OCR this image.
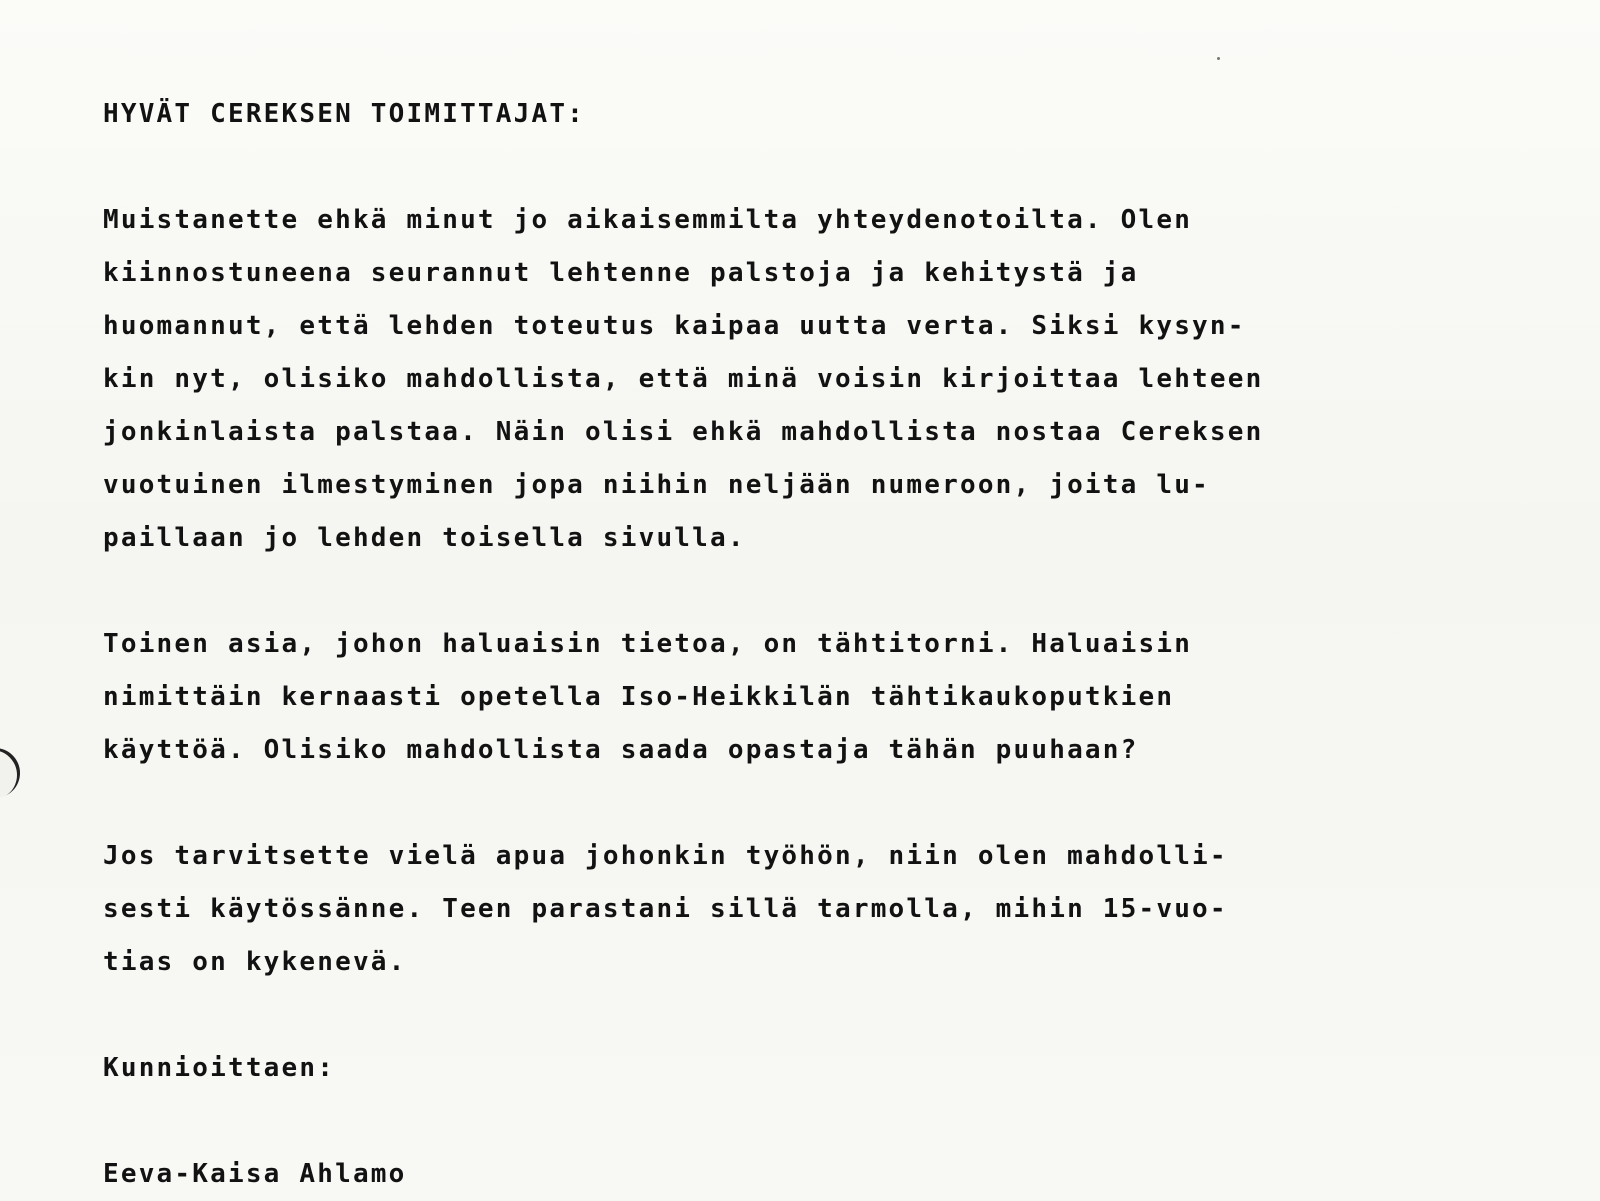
HYVÄT CEREKSEN TOIMITTAJAT:
Muistanette ehkä minut jo aikaisemmilta yhteydenotoilta. Olen
kiinnostuneena seurannut lehtenne palstoja ja kehitystä ja
huomannut, että lehden toteutus kaipaa uutta verta. Siksi kysyn-
kin nyt, olisiko mahdollista, että minä voisin kirjoittaa lehteen
jonkinlaista palstaa. Näin olisi ehkä mahdollista nostaa Cereksen
vuotuinen ilmestyminen jopa niihin neljään numeroon, joita lu-
paillaan jo lehden toisella sivulla.
Toinen asia, johon haluaisin tietoa, on tähtitorni. Haluaisin
nimittäin kernaasti opetella Iso-Heikkilän tähtikaukoputkien
käyttöä. Olisiko mahdollista saada opastaja tähän puuhaan?
Jos tarvitsette vielä apua johonkin työhön, niin olen mahdolli-
sesti käytössänne. Teen parastani sillä tarmolla, mihin 15-vuo-
tias on kykenevä.
Kunnioittaen:
Eeva-Kaisa Ahlamo
